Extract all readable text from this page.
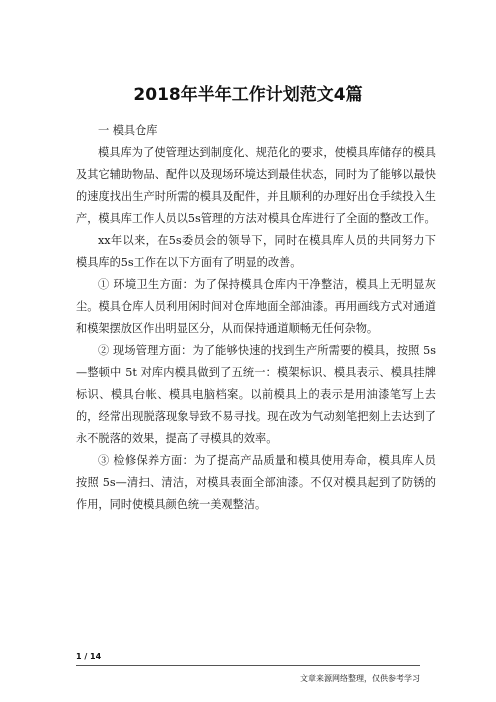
2018年半年工作计划范文4篇

一 模具仓库

模具库为了使管理达到制度化、规范化的要求，使模具库储存的模具及其它辅助物品、配件以及现场环境达到最佳状态，同时为了能够以最快的速度找出生产时所需的模具及配件，并且顺利的办理好出仓手续投入生产，模具库工作人员以5s管理的方法对模具仓库进行了全面的整改工作。

xx年以来，在5s委员会的领导下，同时在模具库人员的共同努力下模具库的5s工作在以下方面有了明显的改善。

① 环境卫生方面：为了保持模具仓库内干净整洁，模具上无明显灰尘。模具仓库人员利用闲时间对仓库地面全部油漆。再用画线方式对通道和模架摆放区作出明显区分，从而保持通道顺畅无任何杂物。

② 现场管理方面：为了能够快速的找到生产所需要的模具，按照 5s—整顿中 5t 对库内模具做到了五统一：模架标识、模具表示、模具挂牌标识、模具台帐、模具电脑档案。以前模具上的表示是用油漆笔写上去的，经常出现脱落现象导致不易寻找。现在改为气动刻笔把刻上去达到了永不脱落的效果，提高了寻模具的效率。

③ 检修保养方面：为了提高产品质量和模具使用寿命，模具库人员按照 5s—清扫、清洁，对模具表面全部油漆。不仅对模具起到了防锈的作用，同时使模具颜色统一美观整洁。

1 / 14
文章来源网络整理，仅供参考学习
